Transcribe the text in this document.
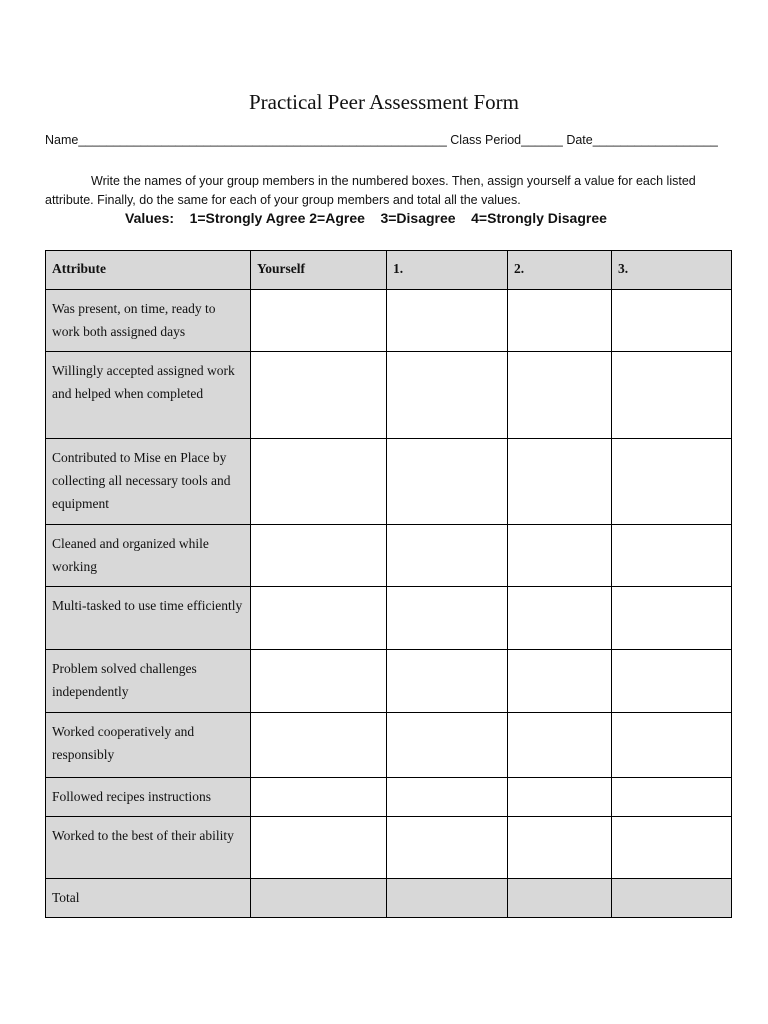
Practical Peer Assessment Form
Name_____________________________________________________ Class Period______ Date__________________
Write the names of your group members in the numbered boxes. Then, assign yourself a value for each listed attribute. Finally, do the same for each of your group members and total all the values.
Values:    1=Strongly Agree 2=Agree    3=Disagree    4=Strongly Disagree
Attribute	Yourself	1.	2.	3.
Was present, on time, ready to work both assigned days				
Willingly accepted assigned work and helped when completed				
Contributed to Mise en Place by collecting all necessary tools and equipment				
Cleaned and organized while working				
Multi-tasked to use time efficiently				
Problem solved challenges independently				
Worked cooperatively and responsibly				
Followed recipes instructions				
Worked to the best of their ability				
Total				
